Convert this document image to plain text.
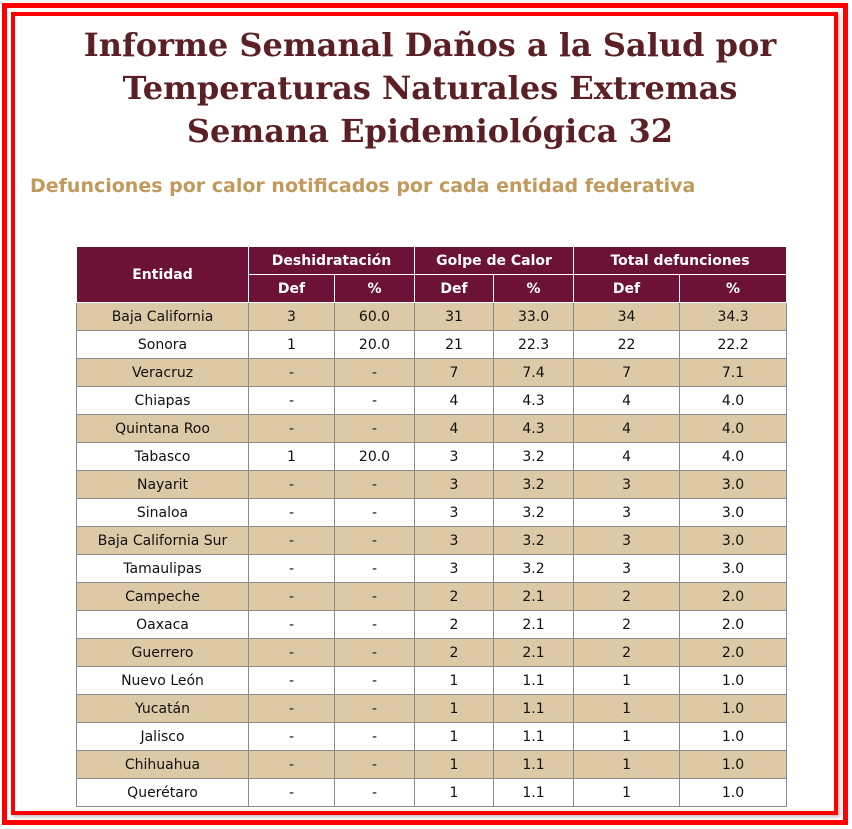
Informe Semanal Daños a la Salud por
Temperaturas Naturales Extremas
Semana Epidemiológica 32
Defunciones por calor notificados por cada entidad federativa
Entidad	Deshidratación		Golpe de Calor		Total defunciones	
	Def	%	Def	%	Def	%
Baja California	3	60.0	31	33.0	34	34.3
Sonora	1	20.0	21	22.3	22	22.2
Veracruz	-	-	7	7.4	7	7.1
Chiapas	-	-	4	4.3	4	4.0
Quintana Roo	-	-	4	4.3	4	4.0
Tabasco	1	20.0	3	3.2	4	4.0
Nayarit	-	-	3	3.2	3	3.0
Sinaloa	-	-	3	3.2	3	3.0
Baja California Sur	-	-	3	3.2	3	3.0
Tamaulipas	-	-	3	3.2	3	3.0
Campeche	-	-	2	2.1	2	2.0
Oaxaca	-	-	2	2.1	2	2.0
Guerrero	-	-	2	2.1	2	2.0
Nuevo León	-	-	1	1.1	1	1.0
Yucatán	-	-	1	1.1	1	1.0
Jalisco	-	-	1	1.1	1	1.0
Chihuahua	-	-	1	1.1	1	1.0
Querétaro	-	-	1	1.1	1	1.0
